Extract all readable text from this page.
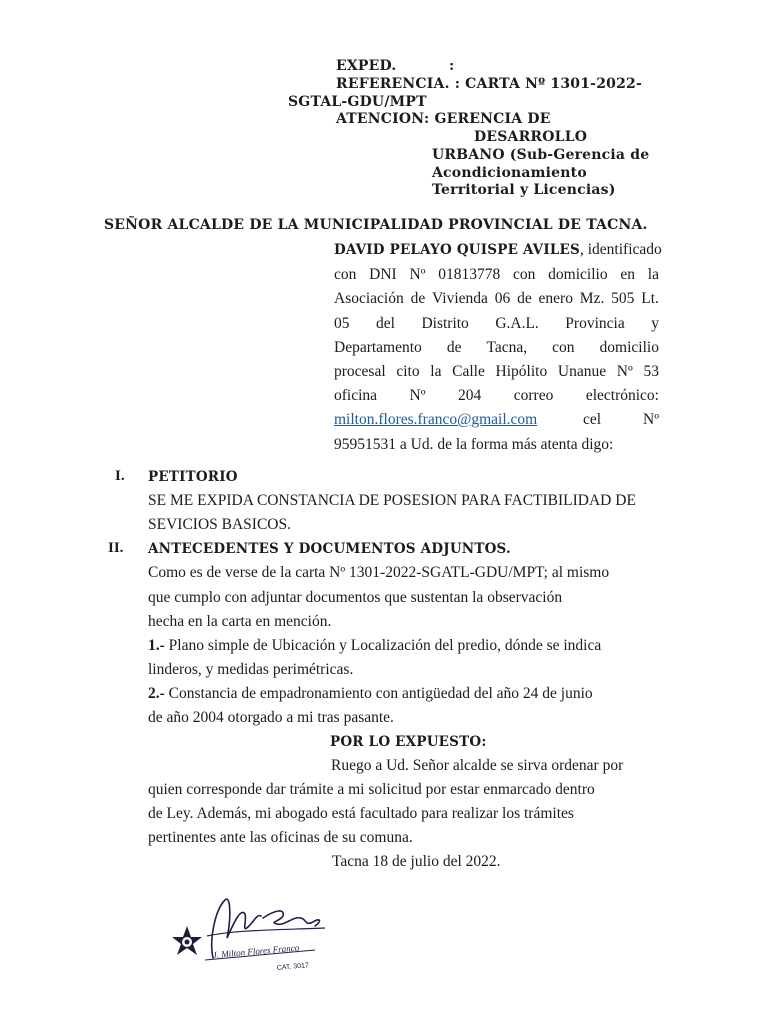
EXPED.	:
REFERENCIA. : CARTA Nº 1301-2022-
SGTAL-GDU/MPT
ATENCION : GERENCIA DE
DESARROLLO
URBANO (Sub-Gerencia de
Acondicionamiento
Territorial y Licencias)
SEÑOR ALCALDE DE LA MUNICIPALIDAD PROVINCIAL DE TACNA.
DAVID PELAYO QUISPE AVILES, identificado
con DNI Nº 01813778 con domicilio en la
Asociación de Vivienda 06 de enero Mz. 505 Lt.
05 del Distrito G.A.L. Provincia y
Departamento de Tacna, con domicilio
procesal cito la Calle Hipólito Unanue Nº 53
oficina Nº 204 correo electrónico:
milton.flores.franco@gmail.com	cel	Nº
95951531 a Ud. de la forma más atenta digo:
I. PETITORIO
SE ME EXPIDA CONSTANCIA DE POSESION PARA FACTIBILIDAD DE
SEVICIOS BASICOS.
II. ANTECEDENTES Y DOCUMENTOS ADJUNTOS.
Como es de verse de la carta Nº 1301-2022-SGATL-GDU/MPT; al mismo
que cumplo con adjuntar documentos que sustentan la observación
hecha en la carta en mención.
1.- Plano simple de Ubicación y Localización del predio, dónde se indica
linderos, y medidas perimétricas.
2.- Constancia de empadronamiento con antigüedad del año 24 de junio
de año 2004 otorgado a mi tras pasante.
POR LO EXPUESTO:
Ruego a Ud. Señor alcalde se sirva ordenar por
quien corresponde dar trámite a mi solicitud por estar enmarcado dentro
de Ley. Además, mi abogado está facultado para realizar los trámites
pertinentes ante las oficinas de su comuna.
Tacna 18 de julio del 2022.
J. Milton Flores Franco
CAT. 3017
